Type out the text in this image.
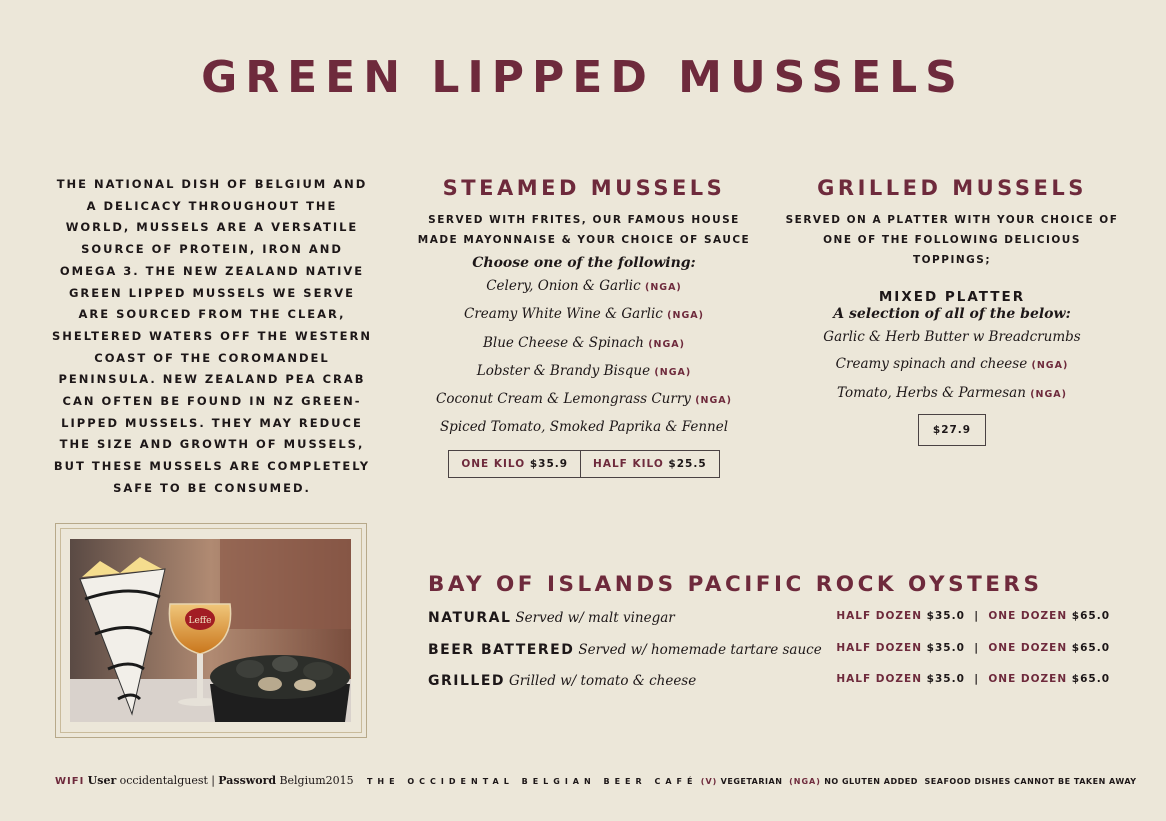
GREEN LIPPED MUSSELS
THE NATIONAL DISH OF BELGIUM AND A DELICACY THROUGHOUT THE WORLD, MUSSELS ARE A VERSATILE SOURCE OF PROTEIN, IRON AND OMEGA 3. THE NEW ZEALAND NATIVE GREEN LIPPED MUSSELS WE SERVE ARE SOURCED FROM THE CLEAR, SHELTERED WATERS OFF THE WESTERN COAST OF THE COROMANDEL PENINSULA. NEW ZEALAND PEA CRAB CAN OFTEN BE FOUND IN NZ GREEN-LIPPED MUSSELS. THEY MAY REDUCE THE SIZE AND GROWTH OF MUSSELS, BUT THESE MUSSELS ARE COMPLETELY SAFE TO BE CONSUMED.
STEAMED MUSSELS

SERVED WITH FRITES, OUR FAMOUS HOUSE

MADE MAYONNAISE & YOUR CHOICE OF SAUCE

Choose one of the following:
Celery, Onion & Garlic (NGA)
Creamy White Wine & Garlic (NGA)
Blue Cheese & Spinach (NGA)
Lobster & Brandy Bisque (NGA)
Coconut Cream & Lemongrass Curry (NGA)
Spiced Tomato, Smoked Paprika & Fennel
ONE KILO $35.9	HALF KILO $25.5
GRILLED MUSSELS

SERVED ON A PLATTER WITH YOUR CHOICE OF

ONE OF THE FOLLOWING DELICIOUS TOPPINGS;

MIXED PLATTER
A selection of all of the below:
Garlic & Herb Butter w Breadcrumbs
Creamy spinach and cheese (NGA)
Tomato, Herbs & Parmesan (NGA)
$27.9
Leffe
BAY OF ISLANDS PACIFIC ROCK OYSTERS
NATURAL Served w/ malt vinegar	HALF DOZEN $35.0 | ONE DOZEN $65.0
BEER BATTERED Served w/ homemade tartare sauce HALF DOZEN $35.0 | ONE DOZEN $65.0
GRILLED Grilled w/ tomato & cheese	HALF DOZEN $35.0 | ONE DOZEN $65.0
WIFI User occidentalguest | Password Belgium2015 THE OCCIDENTAL BELGIAN BEER CAFÉ (V) VEGETARIAN (NGA) NO GLUTEN ADDED SEAFOOD DISHES CANNOT BE TAKEN AWAY
